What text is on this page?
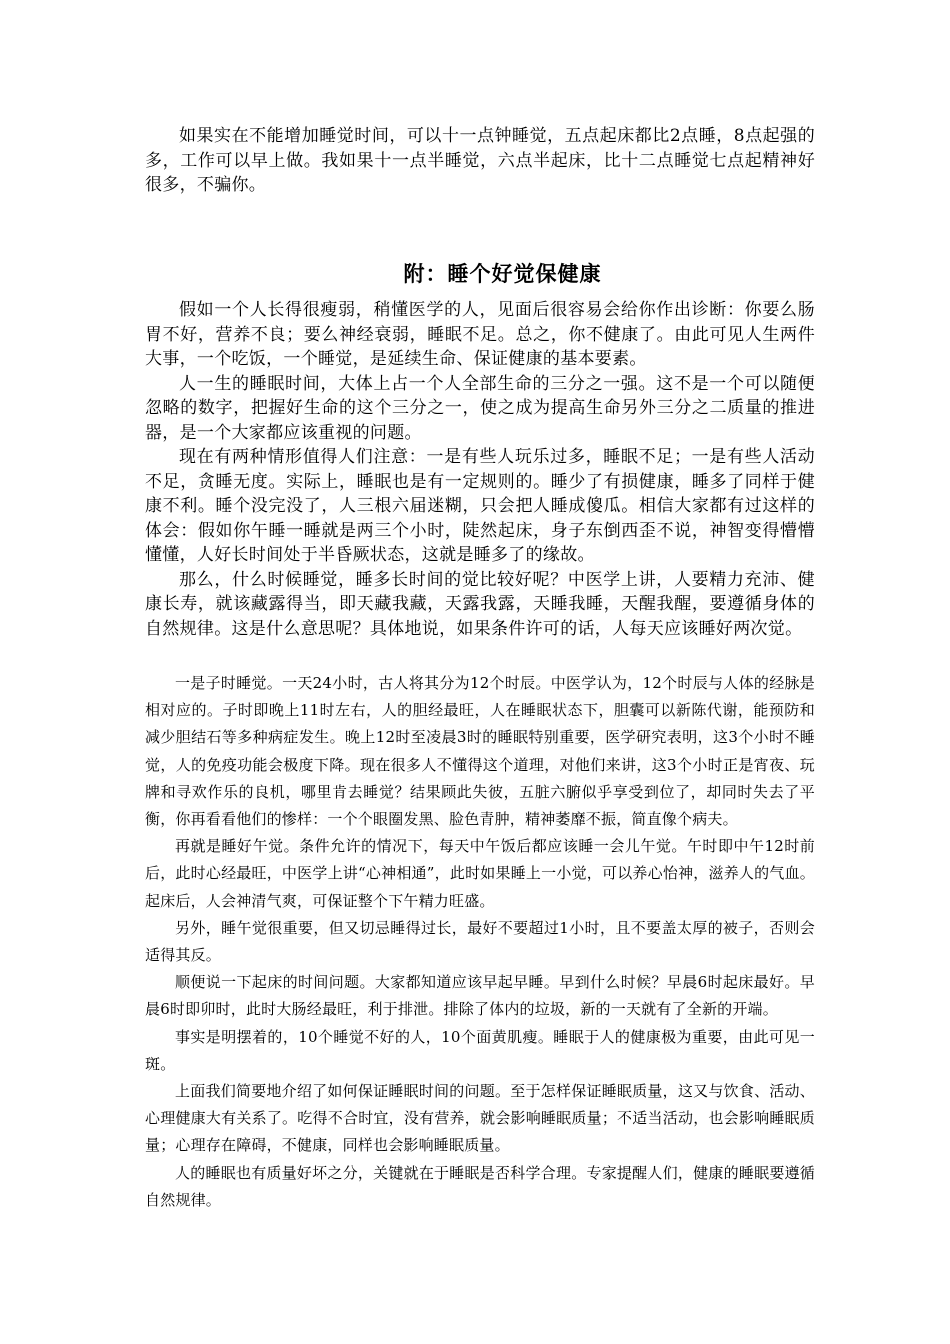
如果实在不能增加睡觉时间，可以十一点钟睡觉，五点起床都比2点睡，8点起强的多，工作可以早上做。我如果十一点半睡觉，六点半起床，比十二点睡觉七点起精神好很多，不骗你。

附：睡个好觉保健康

假如一个人长得很瘦弱，稍懂医学的人，见面后很容易会给你作出诊断：你要么肠胃不好，营养不良；要么神经衰弱，睡眠不足。总之，你不健康了。由此可见人生两件大事，一个吃饭，一个睡觉，是延续生命、保证健康的基本要素。

人一生的睡眠时间，大体上占一个人全部生命的三分之一强。这不是一个可以随便忽略的数字，把握好生命的这个三分之一，使之成为提高生命另外三分之二质量的推进器，是一个大家都应该重视的问题。

现在有两种情形值得人们注意：一是有些人玩乐过多，睡眠不足；一是有些人活动不足，贪睡无度。实际上，睡眠也是有一定规则的。睡少了有损健康，睡多了同样于健康不利。睡个没完没了，人三根六届迷糊，只会把人睡成傻瓜。相信大家都有过这样的体会：假如你午睡一睡就是两三个小时，陡然起床，身子东倒西歪不说，神智变得懵懵懂懂，人好长时间处于半昏厥状态，这就是睡多了的缘故。

那么，什么时候睡觉，睡多长时间的觉比较好呢？中医学上讲，人要精力充沛、健康长寿，就该藏露得当，即天藏我藏，天露我露，天睡我睡，天醒我醒，要遵循身体的自然规律。这是什么意思呢？具体地说，如果条件许可的话，人每天应该睡好两次觉。

一是子时睡觉。一天24小时，古人将其分为12个时辰。中医学认为，12个时辰与人体的经脉是相对应的。子时即晚上11时左右，人的胆经最旺，人在睡眠状态下，胆囊可以新陈代谢，能预防和减少胆结石等多种病症发生。晚上12时至凌晨3时的睡眠特别重要，医学研究表明，这3个小时不睡觉，人的免疫功能会极度下降。现在很多人不懂得这个道理，对他们来讲，这3个小时正是宵夜、玩牌和寻欢作乐的良机，哪里肯去睡觉？结果顾此失彼，五脏六腑似乎享受到位了，却同时失去了平衡，你再看看他们的惨样：一个个眼圈发黑、脸色青肿，精神萎靡不振，简直像个病夫。

再就是睡好午觉。条件允许的情况下，每天中午饭后都应该睡一会儿午觉。午时即中午12时前后，此时心经最旺，中医学上讲“心神相通”，此时如果睡上一小觉，可以养心怡神，滋养人的气血。起床后，人会神清气爽，可保证整个下午精力旺盛。

另外，睡午觉很重要，但又切忌睡得过长，最好不要超过1小时，且不要盖太厚的被子，否则会适得其反。

顺便说一下起床的时间问题。大家都知道应该早起早睡。早到什么时候？早晨6时起床最好。早晨6时即卯时，此时大肠经最旺，利于排泄。排除了体内的垃圾，新的一天就有了全新的开端。

事实是明摆着的，10个睡觉不好的人，10个面黄肌瘦。睡眠于人的健康极为重要，由此可见一斑。

上面我们简要地介绍了如何保证睡眠时间的问题。至于怎样保证睡眠质量，这又与饮食、活动、心理健康大有关系了。吃得不合时宜，没有营养，就会影响睡眠质量；不适当活动，也会影响睡眠质量；心理存在障碍，不健康，同样也会影响睡眠质量。

人的睡眠也有质量好坏之分，关键就在于睡眠是否科学合理。专家提醒人们，健康的睡眠要遵循自然规律。
